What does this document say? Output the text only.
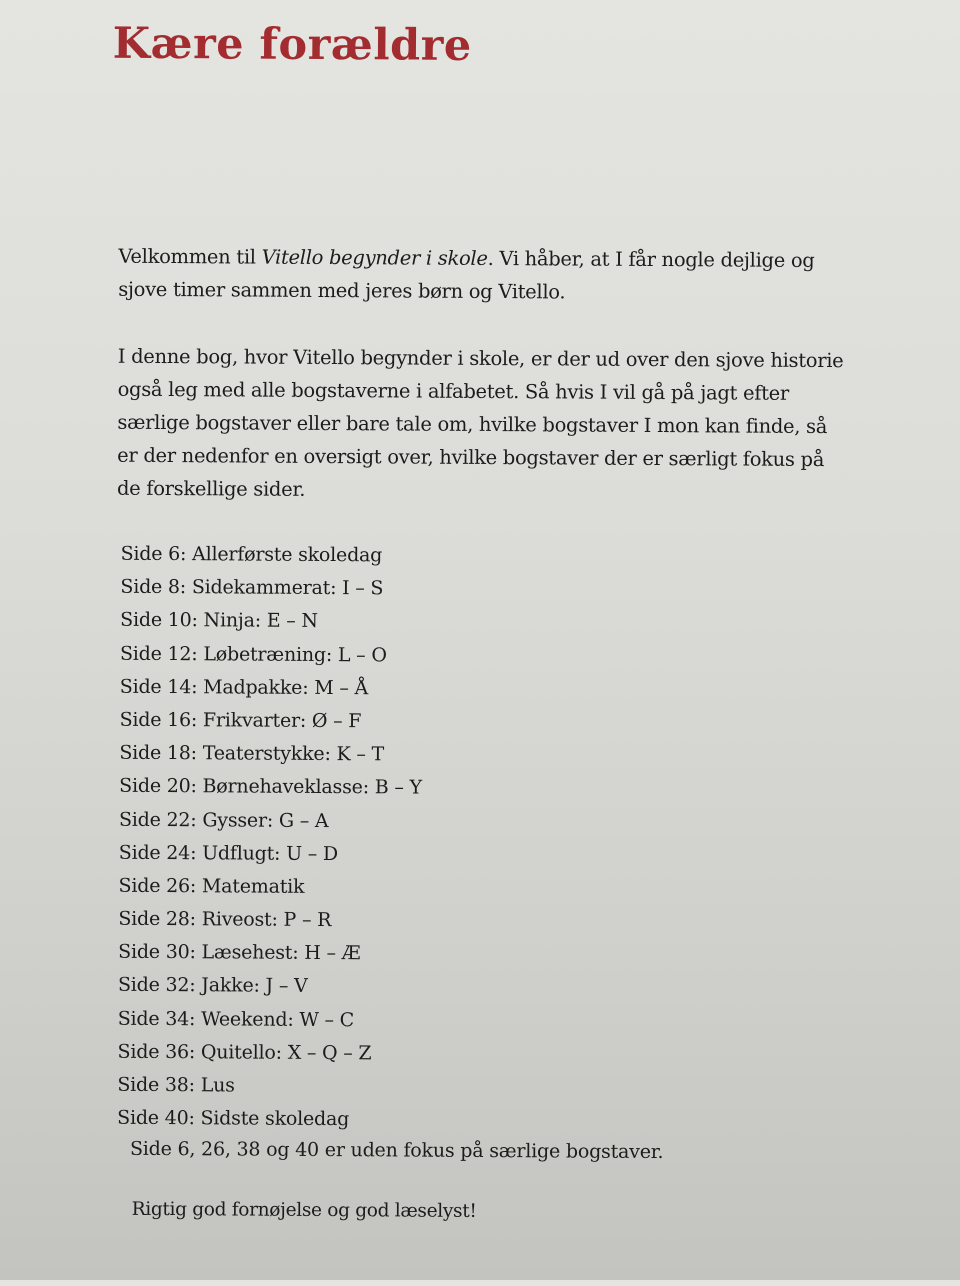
Kære forældre

Velkommen til Vitello begynder i skole. Vi håber, at I får nogle dejlige og sjove timer sammen med jeres børn og Vitello.

I denne bog, hvor Vitello begynder i skole, er der ud over den sjove historie også leg med alle bogstaverne i alfabetet. Så hvis I vil gå på jagt efter særlige bogstaver eller bare tale om, hvilke bogstaver I mon kan finde, så er der nedenfor en oversigt over, hvilke bogstaver der er særligt fokus på de forskellige sider.

Side 6: Allerførste skoledag
Side 8: Sidekammerat: I – S
Side 10: Ninja: E – N
Side 12: Løbetræning: L – O
Side 14: Madpakke: M – Å
Side 16: Frikvarter: Ø – F
Side 18: Teaterstykke: K – T
Side 20: Børnehaveklasse: B – Y
Side 22: Gysser: G – A
Side 24: Udflugt: U – D
Side 26: Matematik
Side 28: Riveost: P – R
Side 30: Læsehest: H – Æ
Side 32: Jakke: J – V
Side 34: Weekend: W – C
Side 36: Quitello: X – Q – Z
Side 38: Lus
Side 40: Sidste skoledag
Side 6, 26, 38 og 40 er uden fokus på særlige bogstaver.
Rigtig god fornøjelse og god læselyst!
